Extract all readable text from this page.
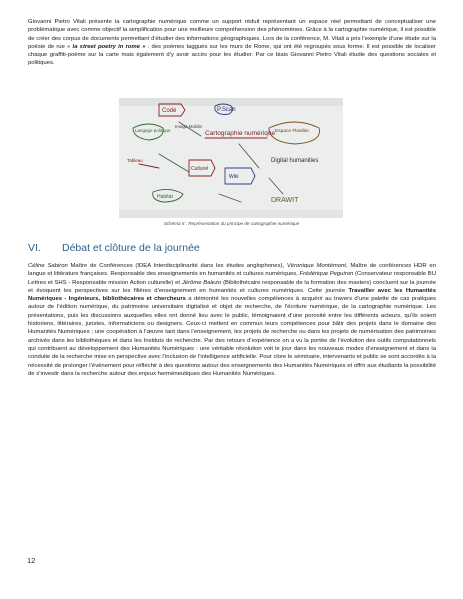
Giovanni Pietro Vitali présente la cartographie numérique comme un support réduit représentant un espace réel permettant de conceptualiser une problématique avec comme objectif la simplification pour une meilleure compréhension des phénomènes. Grâce à la cartographie numérique, il est possible de créer des corpus de documents permettant d’étudier des informations géographiques. Lors de la conférence, M. Vitali a pris l’exemple d’une étude sur la poésie de rue « la street poetry in rome » : des poèmes taggués sur les murs de Rome, qui ont été regroupés sous forme. Il est possible de localiser chaque graffiti-poème sur la carte mais également d’y avoir accès pour les étudier. Par ce biais Giovanni Pietro Vitali étudie des questions sociales et politiques.

Codé	P.Scan
Langage politique
Image Mobile
Cartographie numérique Espace Flexible
Digital humanities
Tableau
Culturel
Wiki
DRAWIT
Habitat
Schéma 8 : Représentation du principe de cartographie numérique
VI.	Débat et clôture de la journée

Céline Sabiron Maître de Conférences (IDEA Interdisciplinarité dans les études anglophones), Véronique Montémont, Maître de conférences HDR en langue et littérature françaises. Responsable des enseignements en humanités et cultures numériques, Frédérique Peguiron (Conservateur responsable BU Lettres et SHS - Responsable mission Action culturelle) et Jérôme Balezo (Bibliothécaire responsable de la formation des masters) concluent sur la journée et évoquent les perspectives sur les filières d’enseignement en humanités et cultures numériques. Cette journée Travailler avec les Humanités Numériques - Ingénieurs, bibliothécaires et chercheurs a démontré les nouvelles compétences à acquérir au travers d’une palette de cas pratiques autour de l’édition numérique, du patrimoine universitaire digitalisé et objet de recherche, de l’écriture numérique, de la cartographie numérique. Les présentations, puis les discussions auxquelles elles ont donné lieu avec le public, témoignaient d’une porosité entre les différents acteurs, qu’ils soient historiens, littéraires, juristes, informaticiens ou designers. Ceux-ci mettent en commun leurs compétences pour bâtir des projets dans le domaine des Humanités Numériques ; une coopération à l’œuvre tant dans l’enseignement, les projets de recherche ou dans les projets de numérisation des patrimoines archivés dans les bibliothèques et dans les Instituts de recherche. Par des retours d’expérience on a vu la portée de l’évolution des outils computationnels qui contribuent au développement des Humanités Numériques : une véritable révolution voit le jour dans les nouveaux modes d’enseignement et dans la conduite de la recherche mise en perspective avec l’inclusion de l’intelligence artificielle. Pour clore le séminaire, intervenants et public se sont accordés à la nécessité de prolonger l’évènement pour réfléchir à des questions autour des enseignements des Humanités Numériques et offrir aux étudiants la possibilité de s’investir dans la recherche autour des enjeux herméneutiques des Humanités Numériques.

12
